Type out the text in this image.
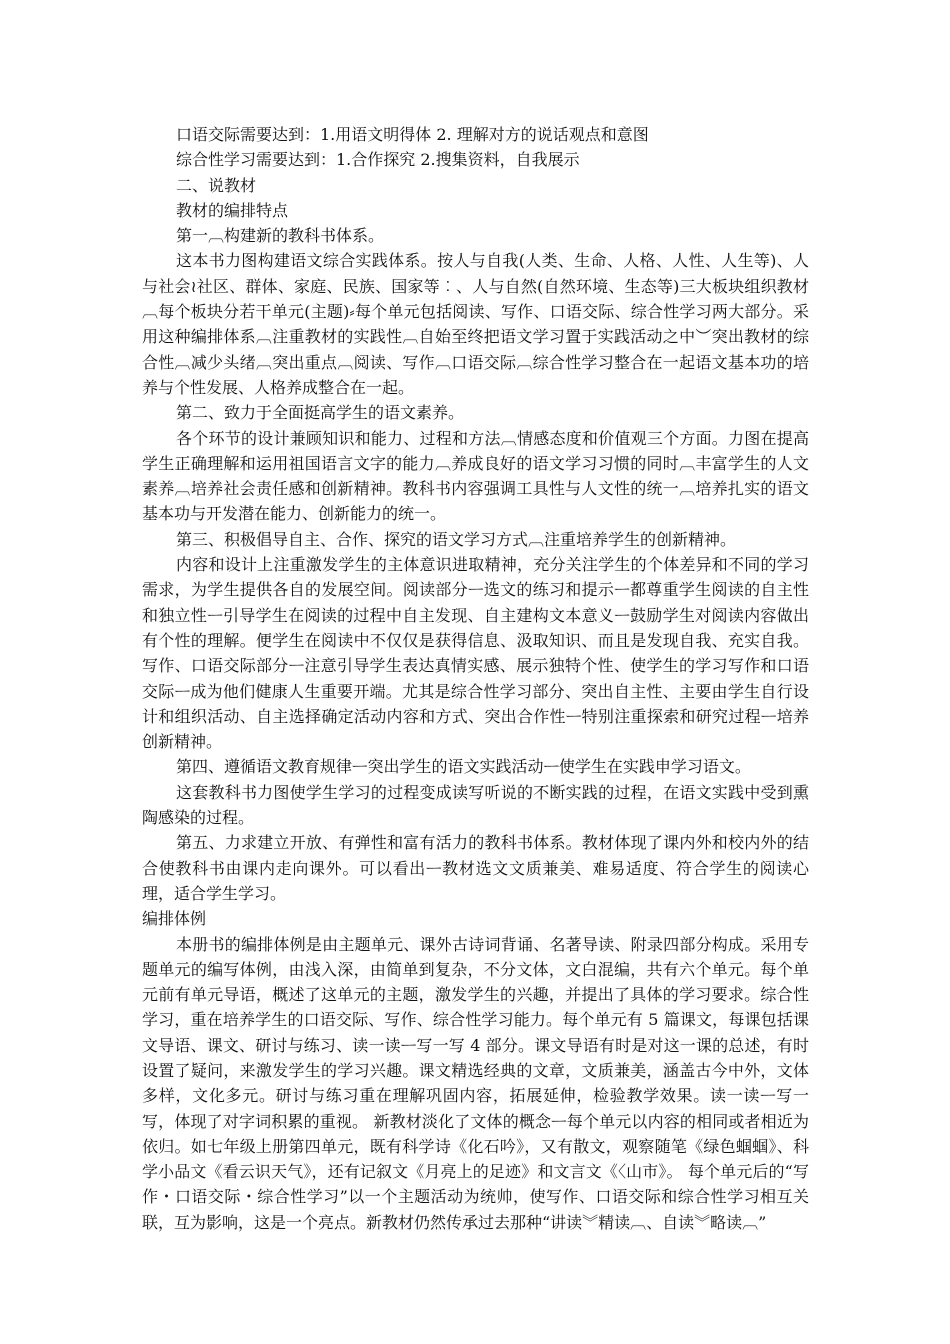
口语交际需要达到：1.用语文明得体 2. 理解对方的说话观点和意图
综合性学习需要达到：1.合作探究 2.搜集资料，自我展示
二、说教材
教材的编排特点
第一︹构建新的教科书体系。
这本书力图构建语文综合实践体系。按人与自我(人类、生命、人格、人性、人生等)、人与社会≀社区、群体、家庭、民族、国家等︰、人与自然(自然环境、生态等)三大板块组织教材︹每个板块分若干单元(主题)⸗每个单元包括阅读、写作、口语交际、综合性学习两大部分。采用这种编排体系︹注重教材的实践性︹自始至终把语文学习置于实践活动之中︶突出教材的综合性︹减少头绪︹突出重点︹阅读、写作︹口语交际︹综合性学习整合在一起语文基本功的培养与个性发展、人格养成整合在一起。
第二、致力于全面挺高学生的语文素养。
各个环节的设计兼顾知识和能力、过程和方法︹情感态度和价值观三个方面。力图在提高学生正确理解和运用祖国语言文字的能力︹养成良好的语文学习习惯的同时︹丰富学生的人文素养︹培养社会责任感和创新精神。教科书内容强调工具性与人文性的统一︹培养扎实的语文基本功与开发潜在能力、创新能力的统一。
第三、积极倡导自主、合作、探究的语文学习方式︹注重培养学生的创新精神。
内容和设计上注重激发学生的主体意识进取精神，充分关注学生的个体差异和不同的学习需求，为学生提供各自的发展空间。阅读部分ᅳ选文的练习和提示ᅳ都尊重学生阅读的自主性和独立性ᅳ引导学生在阅读的过程中自主发现、自主建构文本意义ᅳ鼓励学生对阅读内容做出有个性的理解。便学生在阅读中不仅仅是获得信息、汲取知识、而且是发现自我、充实自我。写作、口语交际部分ᅳ注意引导学生表达真情实感、展示独特个性、使学生的学习写作和口语交际ᅳ成为他们健康人生重要开端。尤其是综合性学习部分、突出自主性、主要由学生自行设计和组织活动、自主选择确定活动内容和方式、突出合作性ᅳ特别注重探索和研究过程ᅳ培养创新精神。
第四、遵循语文教育规律ᅳ突出学生的语文实践活动ᅳ使学生在实践申学习语文。
这套教科书力图使学生学习的过程变成读写听说的不断实践的过程，在语文实践中受到熏陶感染的过程。
第五、力求建立开放、有弹性和富有活力的教科书体系。教材体现了课内外和校内外的结合使教科书由课内走向课外。可以看出ᅳ教材选文文质兼美、难易适度、符合学生的阅读心理，适合学生学习。
编排体例
本册书的编排体例是由主题单元、课外古诗词背诵、名著导读、附录四部分构成。采用专题单元的编写体例，由浅入深，由简单到复杂，不分文体，文白混编，共有六个单元。每个单元前有单元导语，概述了这单元的主题，激发学生的兴趣，并提出了具体的学习要求。综合性学习，重在培养学生的口语交际、写作、综合性学习能力。每个单元有 5 篇课文，每课包括课文导语、课文、研讨与练习、读一读ᅳ写一写 4 部分。课文导语有时是对这一课的总述，有时设置了疑问，来激发学生的学习兴趣。课文精选经典的文章，文质兼美，涵盖古今中外，文体多样，文化多元。研讨与练习重在理解巩固内容，拓展延伸，检验教学效果。读一读ᅳ写一写，体现了对字词积累的重视。 新教材淡化了文体的概念ᅳ每个单元以内容的相同或者相近为依归。如七年级上册第四单元，既有科学诗《化石吟》，又有散文，观察随笔《绿色蝈蝈》、科学小品文《看云识天气》，还有记叙文《月亮上的足迹》和文言文《〈山市》。 每个单元后的“写作・口语交际・综合性学习”以一个主题活动为统帅，使写作、口语交际和综合性学习相互关联，互为影响，这是一个亮点。新教材仍然传承过去那种“讲读︾精读︹、自读︾略读︹”
